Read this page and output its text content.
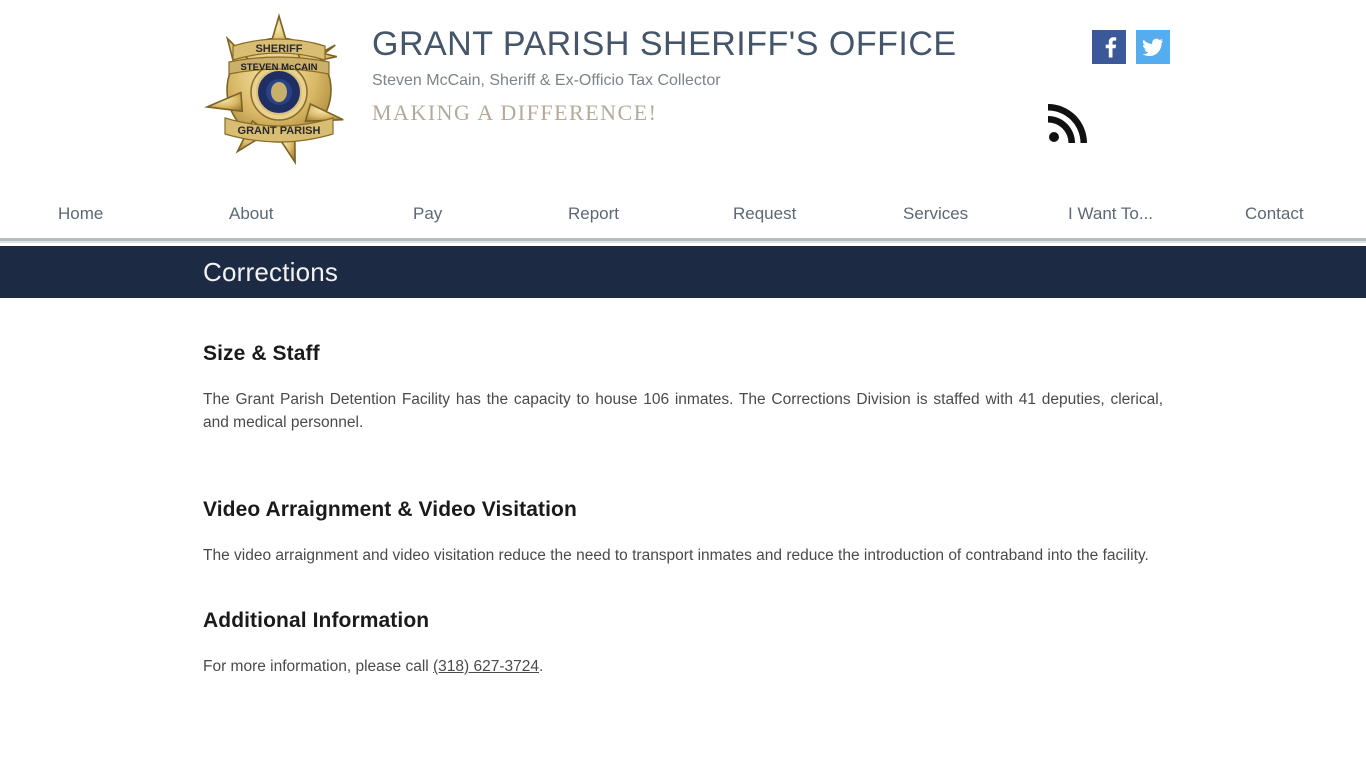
SHERIFF
STEVEN McCAIN
GRANT PARISH
GRANT PARISH SHERIFF'S OFFICE
Steven McCain, Sheriff & Ex-Officio Tax Collector
MAKING A DIFFERENCE!
Home	About	Pay	Report	Request	Services	I Want To...	Contact
Corrections
Size & Staff

The Grant Parish Detention Facility has the capacity to house 106 inmates. The Corrections Division is staffed with 41 deputies, clerical, and medical personnel.

Video Arraignment & Video Visitation

The video arraignment and video visitation reduce the need to transport inmates and reduce the introduction of contraband into the facility.

Additional Information

For more information, please call (318) 627-3724.
